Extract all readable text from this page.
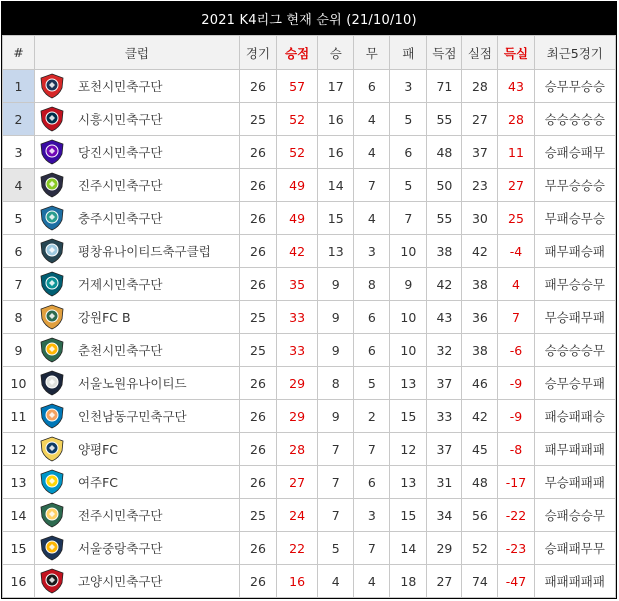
2021 K4리그 현재 순위 (21/10/10)
#	클럽	경기	승점	승	무	패	득점	실점	득실	최근5경기
1	포천시민축구단	26	57	17	6	3	71	28	43	승무무승승
2	시흥시민축구단	25	52	16	4	5	55	27	28	승승승승승
3	당진시민축구단	26	52	16	4	6	48	37	11	승패승패무
4	진주시민축구단	26	49	14	7	5	50	23	27	무무승승승
5	충주시민축구단	26	49	15	4	7	55	30	25	무패승무승
6	평창유나이티드축구클럽	26	42	13	3	10	38	42	-4	패무패승패
7	거제시민축구단	26	35	9	8	9	42	38	4	패무승승무
8	강원FC B	25	33	9	6	10	43	36	7	무승패무패
9	춘천시민축구단	25	33	9	6	10	32	38	-6	승승승승무
10	서울노원유나이티드	26	29	8	5	13	37	46	-9	승무승무패
11	인천남동구민축구단	26	29	9	2	15	33	42	-9	패승패패승
12	양평FC	26	28	7	7	12	37	45	-8	패무패패패
13	여주FC	26	27	7	6	13	31	48	-17	무승패패패
14	전주시민축구단	25	24	7	3	15	34	56	-22	승패승승무
15	서울중랑축구단	26	22	5	7	14	29	52	-23	승패패무무
16	고양시민축구단	26	16	4	4	18	27	74	-47	패패패패패
